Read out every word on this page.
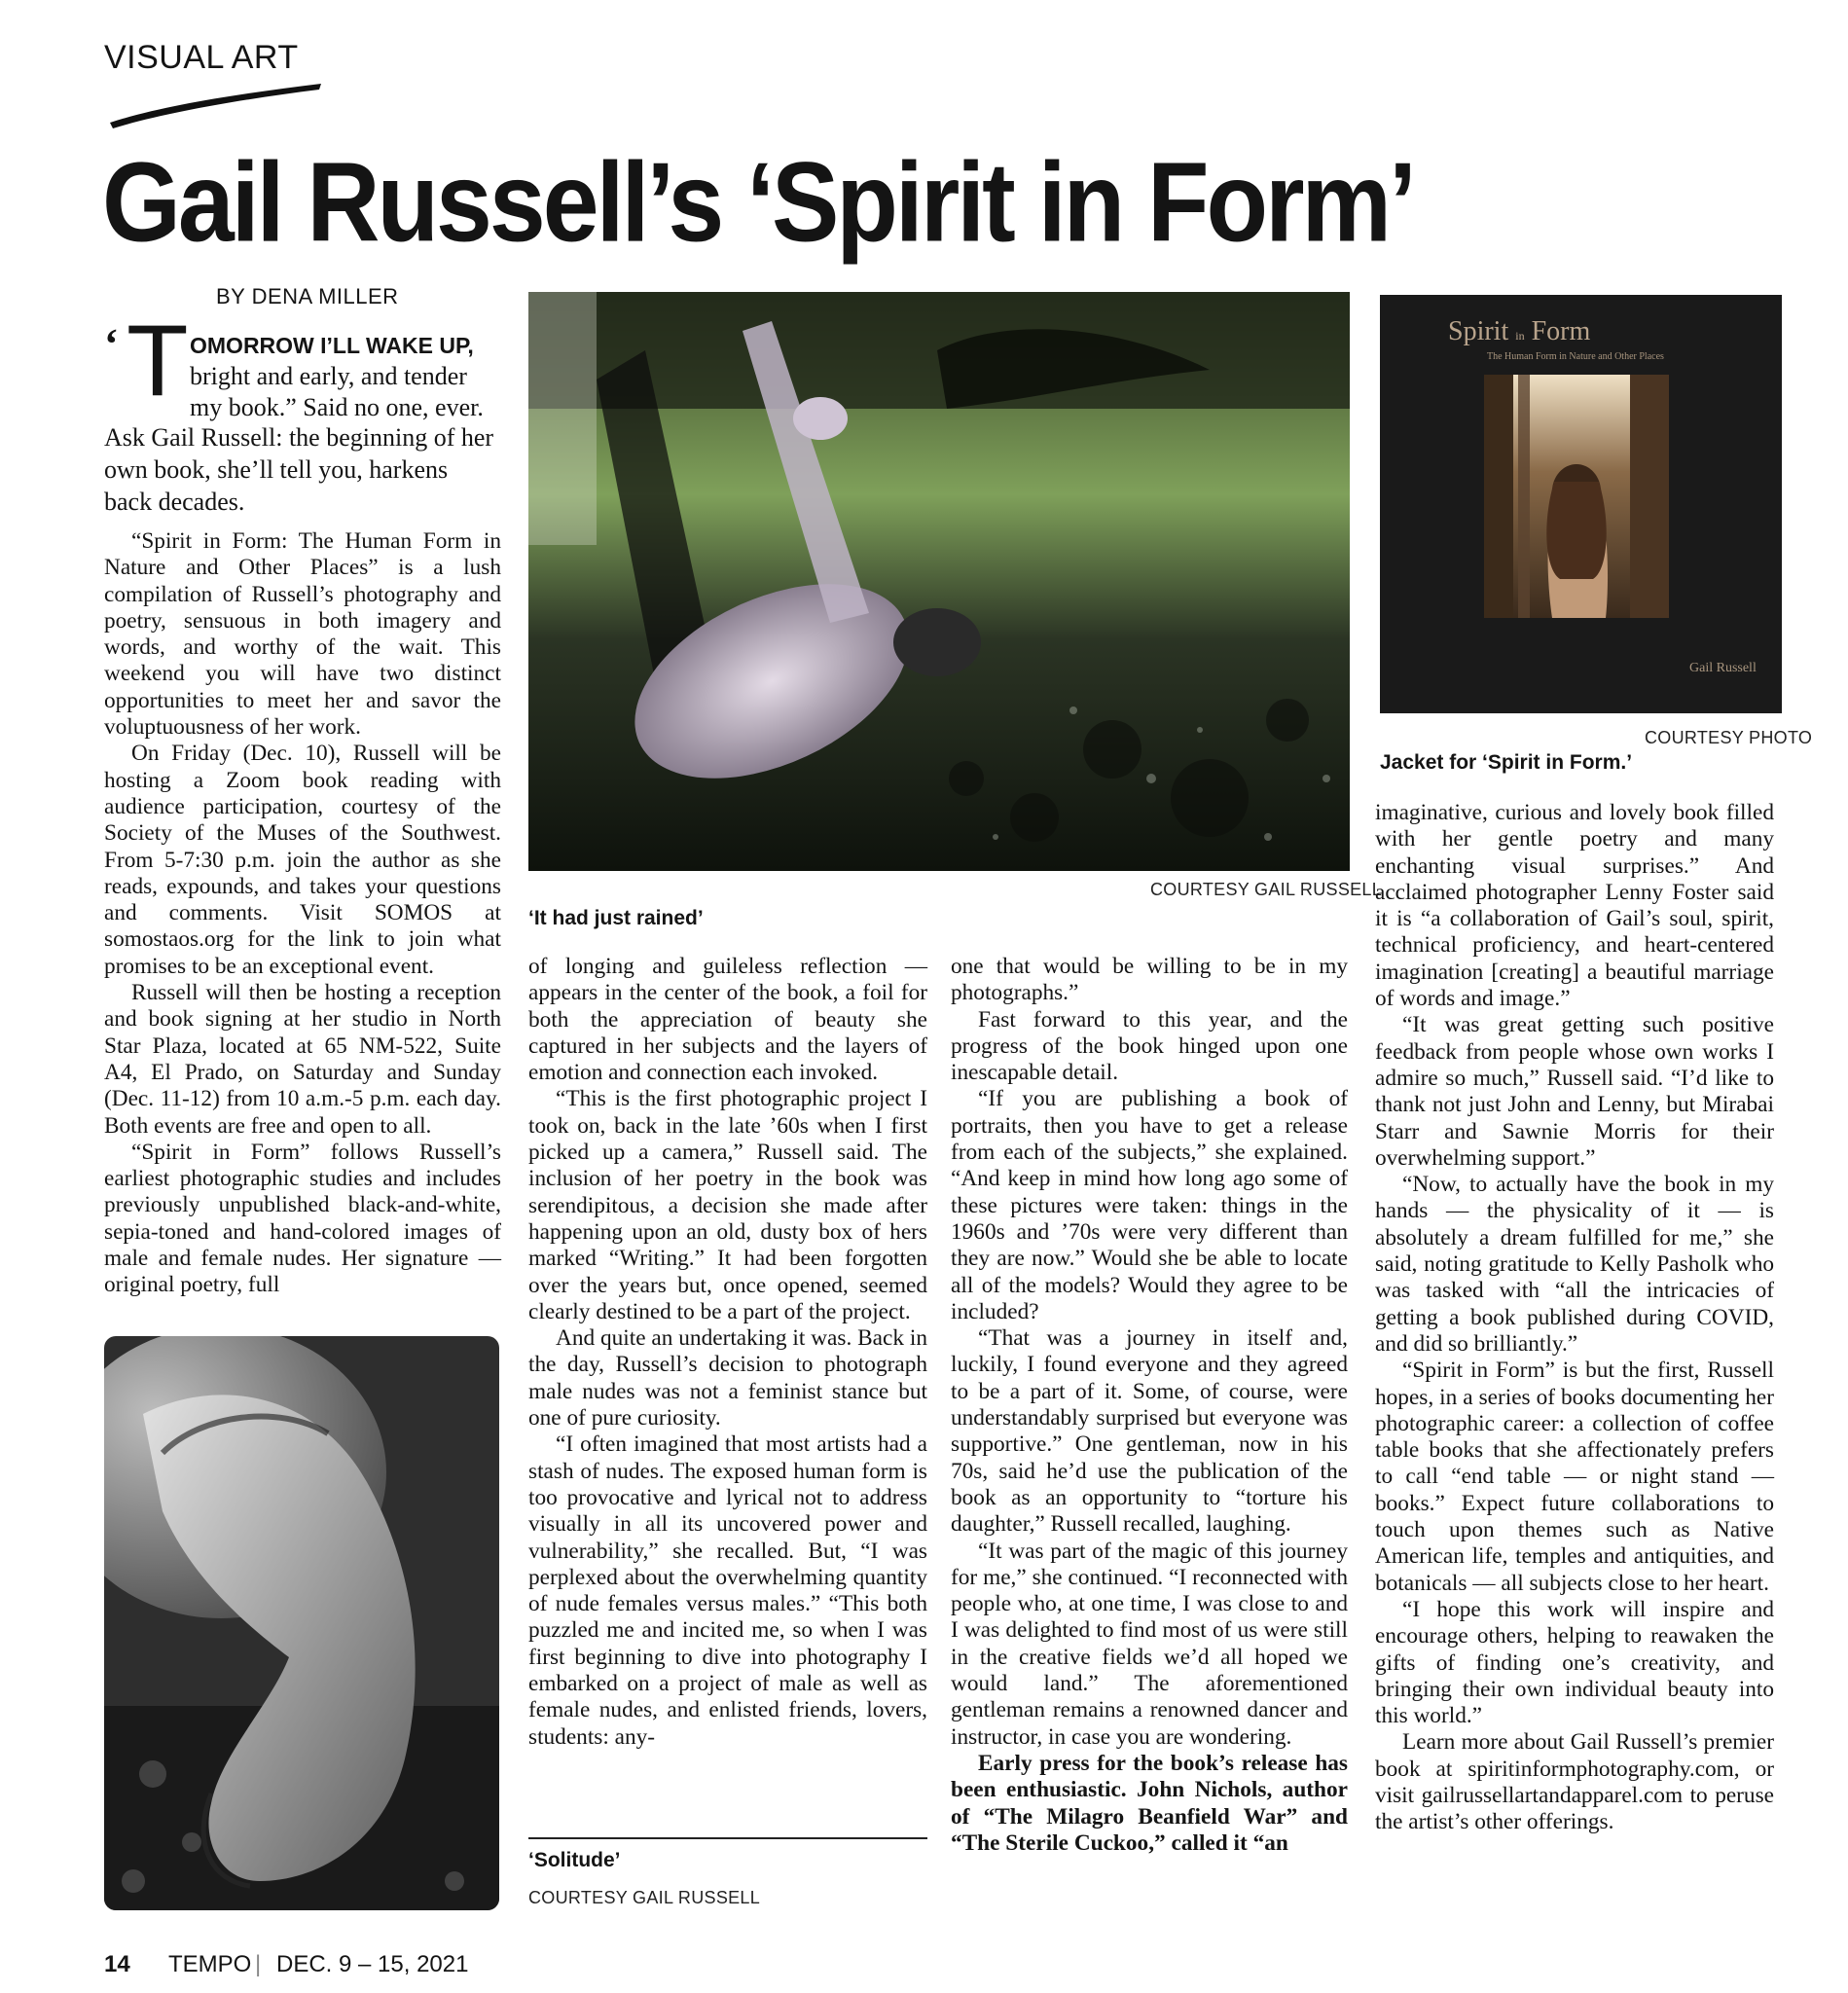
VISUAL ART
Gail Russell’s ‘Spirit in Form’
BY DENA MILLER
‘ T OMORROW I’LL WAKE UP,
bright and early, and tender
my book.” Said no one, ever.
Ask Gail Russell: the beginning of her own book, she’ll tell you, harkens back decades.

“Spirit in Form: The Human Form in Nature and Other Places” is a lush compilation of Russell’s photography and poetry, sensuous in both imagery and words, and worthy of the wait. This weekend you will have two distinct opportunities to meet her and savor the voluptuousness of her work.

On Friday (Dec. 10), Russell will be hosting a Zoom book reading with audience participation, courtesy of the Society of the Muses of the Southwest. From 5-7:30 p.m. join the author as she reads, expounds, and takes your questions and comments. Visit SOMOS at somostaos.org for the link to join what promises to be an exceptional event.

Russell will then be hosting a reception and book signing at her studio in North Star Plaza, located at 65 NM-522, Suite A4, El Prado, on Saturday and Sunday (Dec. 11-12) from 10 a.m.-5 p.m. each day. Both events are free and open to all.

“Spirit in Form” follows Russell’s earliest photographic studies and includes previously unpublished black-and-white, sepia-toned and hand-colored images of male and female nudes. Her signature — original poetry, full

COURTESY GAIL RUSSELL
‘It had just rained’

of longing and guileless reflection — appears in the center of the book, a foil for both the appreciation of beauty she captured in her subjects and the layers of emotion and connection each invoked.

“This is the first photographic project I took on, back in the late ’60s when I first picked up a camera,” Russell said. The inclusion of her poetry in the book was serendipitous, a decision she made after happening upon an old, dusty box of hers marked “Writing.” It had been forgotten over the years but, once opened, seemed clearly destined to be a part of the project.

And quite an undertaking it was. Back in the day, Russell’s decision to photograph male nudes was not a feminist stance but one of pure curiosity.

“I often imagined that most artists had a stash of nudes. The exposed human form is too provocative and lyrical not to address visually in all its uncovered power and vulnerability,” she recalled. But, “I was perplexed about the overwhelming quantity of nude females versus males.” “This both puzzled me and incited me, so when I was first beginning to dive into photography I embarked on a project of male as well as female nudes, and enlisted friends, lovers, students: any-

‘Solitude’
COURTESY GAIL RUSSELL

one that would be willing to be in my photographs.”

Fast forward to this year, and the progress of the book hinged upon one inescapable detail.

“If you are publishing a book of portraits, then you have to get a release from each of the subjects,” she explained. “And keep in mind how long ago some of these pictures were taken: things in the 1960s and ’70s were very different than they are now.” Would she be able to locate all of the models? Would they agree to be included?

“That was a journey in itself and, luckily, I found everyone and they agreed to be a part of it. Some, of course, were understandably surprised but everyone was supportive.” One gentleman, now in his 70s, said he’d use the publication of the book as an opportunity to “torture his daughter,” Russell recalled, laughing.

“It was part of the magic of this journey for me,” she continued. “I reconnected with people who, at one time, I was close to and I was delighted to find most of us were still in the creative fields we’d all hoped we would land.” The aforementioned gentleman remains a renowned dancer and instructor, in case you are wondering.

Early press for the book’s release has been enthusiastic. John Nichols, author of “The Milagro Beanfield War” and “The Sterile Cuckoo,” called it “an

Spirit in Form
The Human Form in Nature and Other Places
Gail Russell
COURTESY PHOTO
Jacket for ‘Spirit in Form.’

imaginative, curious and lovely book filled with her gentle poetry and many enchanting visual surprises.” And acclaimed photographer Lenny Foster said it is “a collaboration of Gail’s soul, spirit, technical proficiency, and heart-centered imagination [creating] a beautiful marriage of words and image.”

“It was great getting such positive feedback from people whose own works I admire so much,” Russell said. “I’d like to thank not just John and Lenny, but Mirabai Starr and Sawnie Morris for their overwhelming support.”

“Now, to actually have the book in my hands — the physicality of it — is absolutely a dream fulfilled for me,” she said, noting gratitude to Kelly Pasholk who was tasked with “all the intricacies of getting a book published during COVID, and did so brilliantly.”

“Spirit in Form” is but the first, Russell hopes, in a series of books documenting her photographic career: a collection of coffee table books that she affectionately prefers to call “end table — or night stand — books.” Expect future collaborations to touch upon themes such as Native American life, temples and antiquities, and botanicals — all subjects close to her heart.

“I hope this work will inspire and encourage others, helping to reawaken the gifts of finding one’s creativity, and bringing their own individual beauty into this world.”

Learn more about Gail Russell’s premier book at spiritinformphotography.com, or visit gailrussellartandapparel.com to peruse the artist’s other offerings.

14 TEMPO | DEC. 9 – 15, 2021
